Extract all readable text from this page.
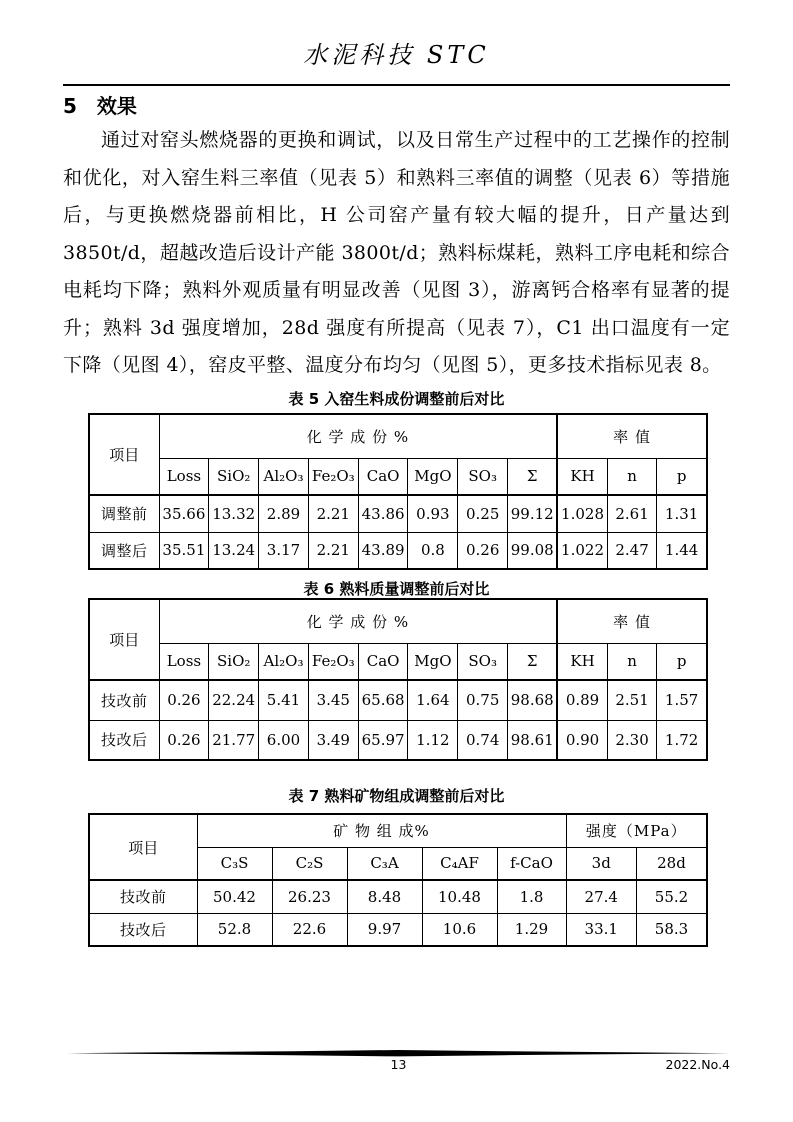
水泥科技 STC
5 效果
通过对窑头燃烧器的更换和调试，以及日常生产过程中的工艺操作的控制和优化，对入窑生料三率值（见表 5）和熟料三率值的调整（见表 6）等措施后，与更换燃烧器前相比，H 公司窑产量有较大幅的提升，日产量达到 3850t/d，超越改造后设计产能 3800t/d；熟料标煤耗，熟料工序电耗和综合电耗均下降；熟料外观质量有明显改善（见图 3），游离钙合格率有显著的提升；熟料 3d 强度增加，28d 强度有所提高（见表 7），C1 出口温度有一定下降（见图 4），窑皮平整、温度分布均匀（见图 5），更多技术指标见表 8。
表 5 入窑生料成份调整前后对比
项目	化 学 成 份 %								率 值		
	Loss	SiO₂	Al₂O₃	Fe₂O₃	CaO	MgO	SO₃	Σ	KH	n	p
调整前	35.66	13.32	2.89	2.21	43.86	0.93	0.25	99.12	1.028	2.61	1.31
调整后	35.51	13.24	3.17	2.21	43.89	0.8	0.26	99.08	1.022	2.47	1.44
表 6 熟料质量调整前后对比
项目	化 学 成 份 %								率 值		
	Loss	SiO₂	Al₂O₃	Fe₂O₃	CaO	MgO	SO₃	Σ	KH	n	p
技改前	0.26	22.24	5.41	3.45	65.68	1.64	0.75	98.68	0.89	2.51	1.57
技改后	0.26	21.77	6.00	3.49	65.97	1.12	0.74	98.61	0.90	2.30	1.72
表 7 熟料矿物组成调整前后对比
项目	矿 物 组 成%					强度（MPa）	
	C₃S	C₂S	C₃A	C₄AF	f-CaO	3d	28d
技改前	50.42	26.23	8.48	10.48	1.8	27.4	55.2
技改后	52.8	22.6	9.97	10.6	1.29	33.1	58.3
13	2022.No.4
